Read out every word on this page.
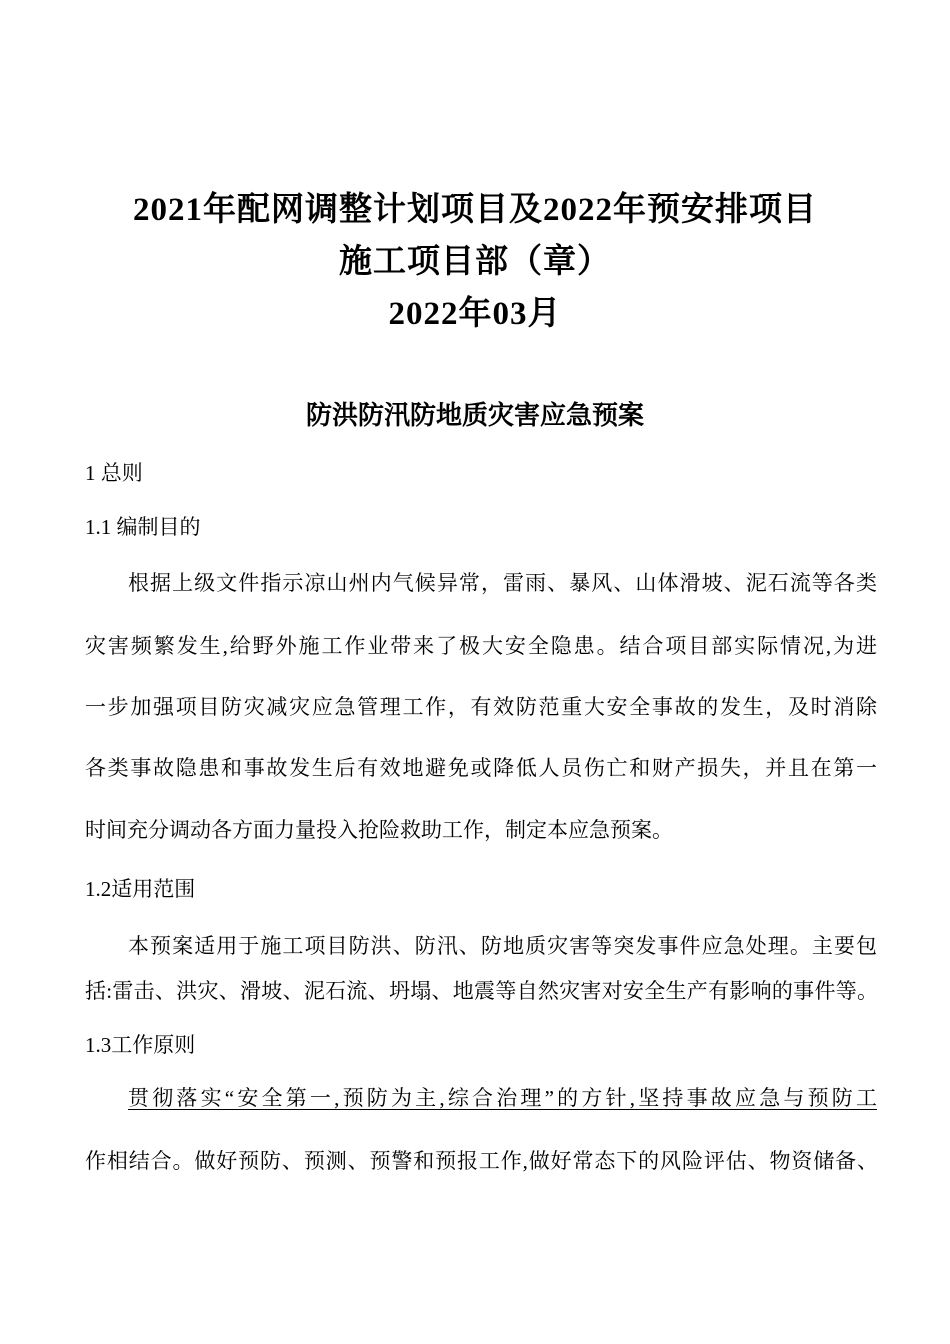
2021年配网调整计划项目及2022年预安排项目
施工项目部（章）
2022年03月
防洪防汛防地质灾害应急预案
1 总则
1.1 编制目的
根据上级文件指示凉山州内气候异常，雷雨、暴风、山体滑坡、泥石流等各类
灾害频繁发生,给野外施工作业带来了极大安全隐患。结合项目部实际情况,为进
一步加强项目防灾减灾应急管理工作，有效防范重大安全事故的发生，及时消除
各类事故隐患和事故发生后有效地避免或降低人员伤亡和财产损失，并且在第一
时间充分调动各方面力量投入抢险救助工作，制定本应急预案。
1.2适用范围
本预案适用于施工项目防洪、防汛、防地质灾害等突发事件应急处理。主要包
括:雷击、洪灾、滑坡、泥石流、坍塌、地震等自然灾害对安全生产有影响的事件等。
1.3工作原则
贯彻落实“安全第一,预防为主,综合治理”的方针,坚持事故应急与预防工
作相结合。做好预防、预测、预警和预报工作,做好常态下的风险评估、物资储备、
